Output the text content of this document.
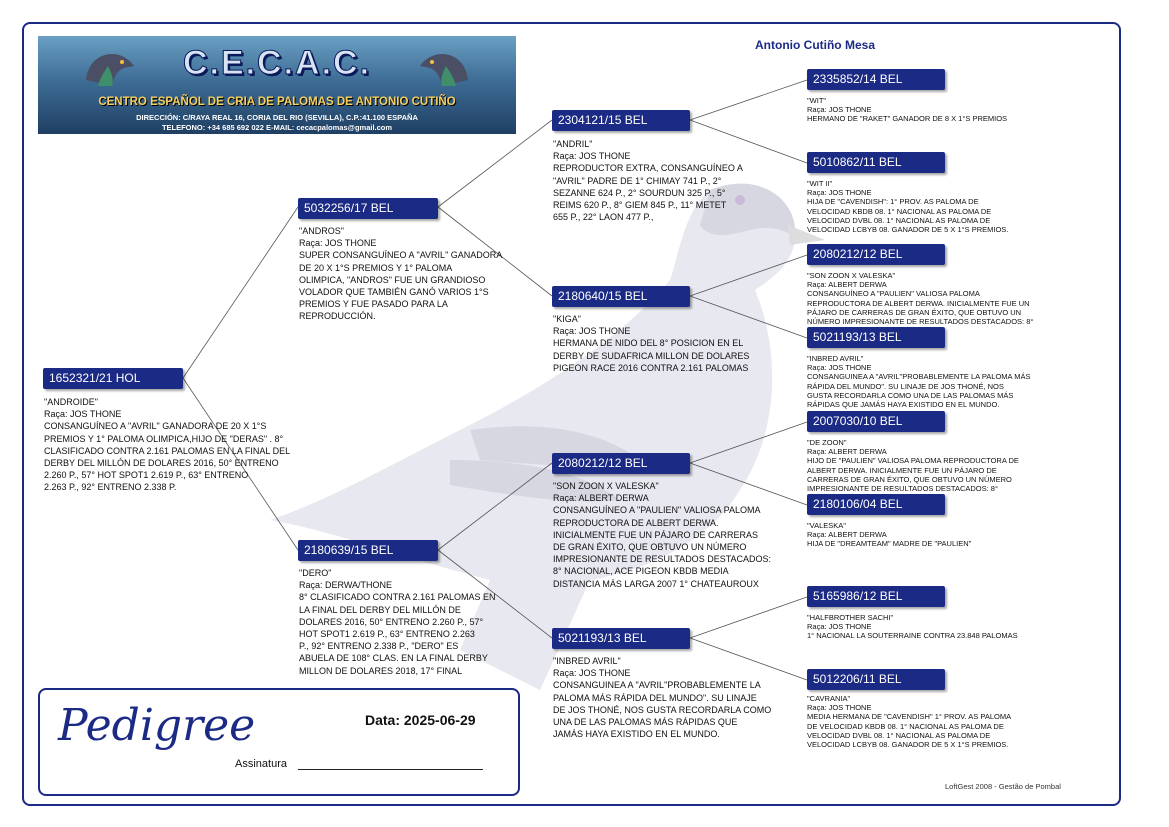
C.E.C.A.C.
CENTRO ESPAÑOL DE CRIA DE PALOMAS DE ANTONIO CUTIÑO
DIRECCIÓN: C/RAYA REAL 16, CORIA DEL RIO (SEVILLA), C.P.:41.100 ESPAÑA
TELEFONO: +34 685 692 022 E-MAIL: cecacpalomas@gmail.com
Antonio Cutiño Mesa
1652321/21 HOL
"ANDROIDE"
Raça: JOS THONE
CONSANGUÍNEO A "AVRIL" GANADORA DE 20 X 1°S
PREMIOS Y 1° PALOMA OLIMPICA,HIJO DE "DERAS" . 8°
CLASIFICADO CONTRA 2.161 PALOMAS EN LA FINAL DEL
DERBY DEL MILLÓN DE DOLARES 2016, 50° ENTRENO
2.260 P., 57° HOT SPOT1 2.619 P., 63° ENTRENO
2.263 P., 92° ENTRENO 2.338 P.
5032256/17 BEL
"ANDROS"
Raça: JOS THONE
SUPER CONSANGUÍNEO A "AVRIL" GANADORA
DE 20 X 1°S PREMIOS Y 1° PALOMA
OLIMPICA, "ANDROS" FUE UN GRANDIOSO
VOLADOR QUE TAMBIÉN GANÓ VARIOS 1°S
PREMIOS Y FUE PASADO PARA LA
REPRODUCCIÓN.
2180639/15 BEL
"DERO"
Raça: DERWA/THONE
8° CLASIFICADO CONTRA 2.161 PALOMAS EN
LA FINAL DEL DERBY DEL MILLÓN DE
DOLARES 2016, 50° ENTRENO 2.260 P., 57°
HOT SPOT1 2.619 P., 63° ENTRENO 2.263
P., 92° ENTRENO 2.338 P., "DERO" ES
ABUELA DE 108° CLAS. EN LA FINAL DERBY
MILLON DE DOLARES 2018, 17° FINAL
2304121/15 BEL
"ANDRIL"
Raça: JOS THONE
REPRODUCTOR EXTRA, CONSANGUÍNEO A
"AVRIL" PADRE DE 1° CHIMAY 741 P., 2°
SEZANNE 624 P., 2° SOURDUN 325 P., 5°
REIMS 620 P., 8° GIEM 845 P., 11° METET
655 P., 22° LAON 477 P.,
2180640/15 BEL
"KIGA"
Raça: JOS THONE
HERMANA DE NIDO DEL 8° POSICION EN EL
DERBY DE SUDAFRICA MILLON DE DOLARES
PIGEON RACE 2016 CONTRA 2.161 PALOMAS
2080212/12 BEL
"SON ZOON X VALESKA"
Raça: ALBERT DERWA
CONSANGUÍNEO A "PAULIEN" VALIOSA PALOMA
REPRODUCTORA DE ALBERT DERWA.
INICIALMENTE FUE UN PÁJARO DE CARRERAS
DE GRAN ÉXITO, QUE OBTUVO UN NÚMERO
IMPRESIONANTE DE RESULTADOS DESTACADOS:
8° NACIONAL, ACE PIGEON KBDB MEDIA
DISTANCIA MÁS LARGA 2007 1° CHATEAUROUX
5021193/13 BEL
"INBRED AVRIL"
Raça: JOS THONE
CONSANGUINEA A "AVRIL"PROBABLEMENTE LA
PALOMA MÁS RÁPIDA DEL MUNDO". SU LINAJE
DE JOS THONÉ, NOS GUSTA RECORDARLA COMO
UNA DE LAS PALOMAS MÁS RÁPIDAS QUE
JAMÁS HAYA EXISTIDO EN EL MUNDO.
2335852/14 BEL
"WIT"
Raça: JOS THONE
HERMANO DE "RAKET" GANADOR DE 8 X 1°S PREMIOS
5010862/11 BEL
"WIT II"
Raça: JOS THONE
HIJA DE "CAVENDISH": 1° PROV. AS PALOMA DE
VELOCIDAD KBDB 08. 1° NACIONAL AS PALOMA DE
VELOCIDAD DVBL 08. 1° NACIONAL AS PALOMA DE
VELOCIDAD LCBYB 08. GANADOR DE 5 X 1°S PREMIOS.
2080212/12 BEL
"SON ZOON X VALESKA"
Raça: ALBERT DERWA
CONSANGUÍNEO A "PAULIEN" VALIOSA PALOMA
REPRODUCTORA DE ALBERT DERWA. INICIALMENTE FUE UN
PÁJARO DE CARRERAS DE GRAN ÉXITO, QUE OBTUVO UN
NÚMERO IMPRESIONANTE DE RESULTADOS DESTACADOS: 8°
5021193/13 BEL
"INBRED AVRIL"
Raça: JOS THONE
CONSANGUINEA A "AVRIL"PROBABLEMENTE LA PALOMA MÁS
RÁPIDA DEL MUNDO". SU LINAJE DE JOS THONÉ, NOS
GUSTA RECORDARLA COMO UNA DE LAS PALOMAS MÁS
RÁPIDAS QUE JAMÁS HAYA EXISTIDO EN EL MUNDO.
2007030/10 BEL
"DE ZOON"
Raça: ALBERT DERWA
HIJO DE "PAULIEN" VALIOSA PALOMA REPRODUCTORA DE
ALBERT DERWA. INICIALMENTE FUE UN PÁJARO DE
CARRERAS DE GRAN ÉXITO, QUE OBTUVO UN NÚMERO
IMPRESIONANTE DE RESULTADOS DESTACADOS: 8°
2180106/04 BEL
"VALESKA"
Raça: ALBERT DERWA
HIJA DE "DREAMTEAM" MADRE DE "PAULIEN"
5165986/12 BEL
"HALFBROTHER SACHI"
Raça: JOS THONE
1° NACIONAL LA SOUTERRAINE CONTRA 23.848 PALOMAS
5012206/11 BEL
"CAVRANIA"
Raça: JOS THONE
MEDIA HERMANA DE "CAVENDISH" 1° PROV. AS PALOMA
DE VELOCIDAD KBDB 08. 1° NACIONAL AS PALOMA DE
VELOCIDAD DVBL 08. 1° NACIONAL AS PALOMA DE
VELOCIDAD LCBYB 08. GANADOR DE 5 X 1°S PREMIOS.
Pedigree	Data: 2025-06-29
Assinatura
LoftGest 2008 - Gestão de Pombal
